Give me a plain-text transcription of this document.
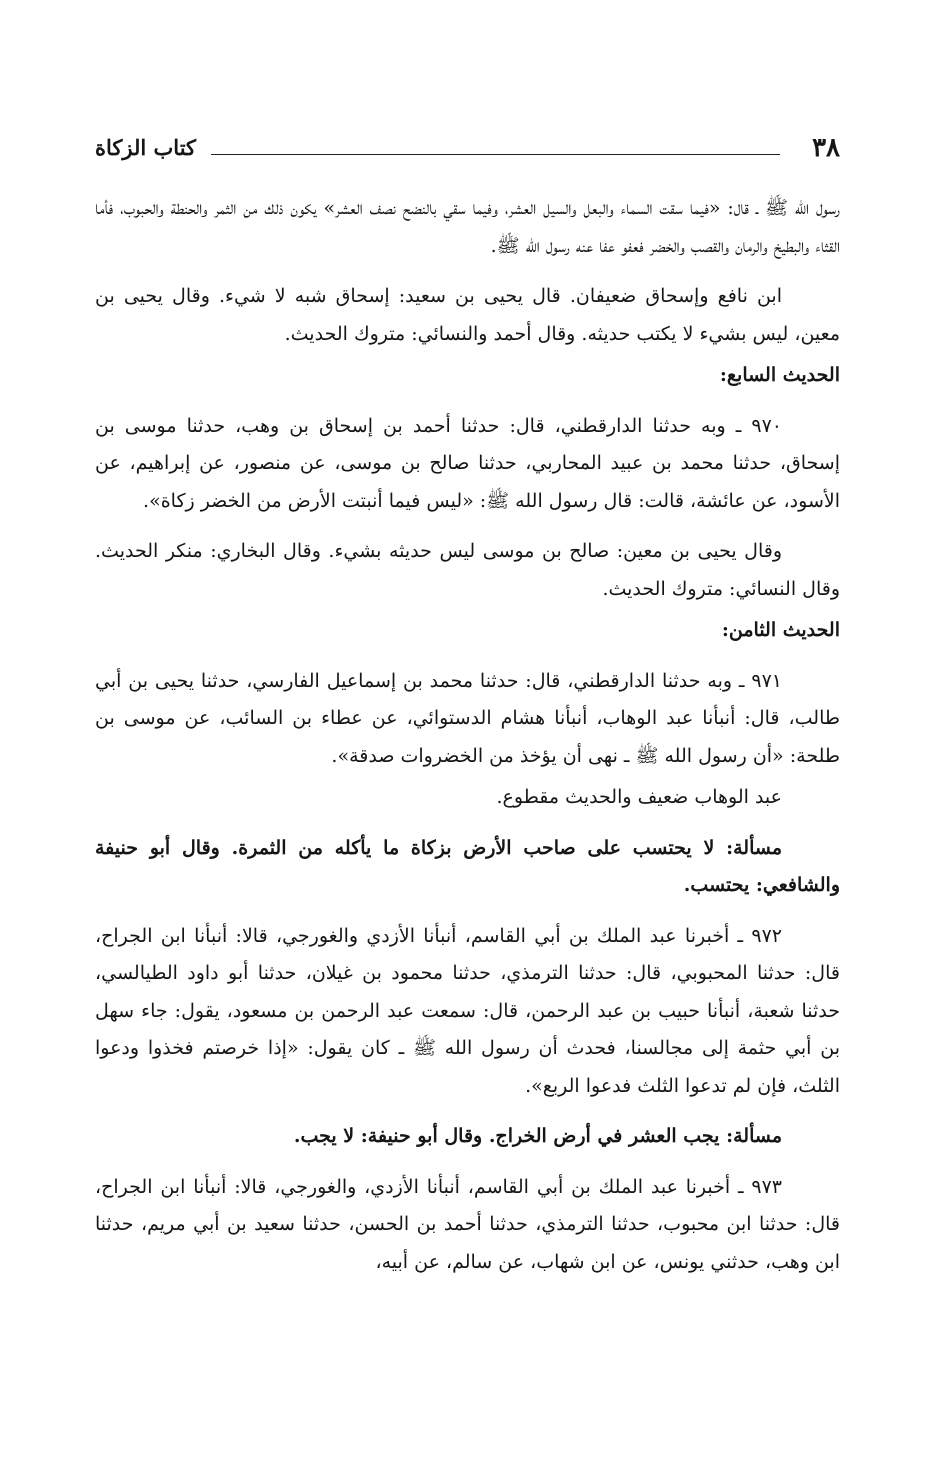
٣٨
كتاب الزكاة

رسول الله ﷺ ـ قال: «فيما سقت السماء والبعل والسيل العشر، وفيما سقي بالنضح نصف العشر» يكون ذلك من الثمر والحنطة والحبوب، فأما القثاء والبطيخ والرمان والقصب والخضر فعفو عفا عنه رسول الله ﷺ.

ابن نافع وإسحاق ضعيفان. قال يحيى بن سعيد: إسحاق شبه لا شيء. وقال يحيى بن معين، ليس بشيء لا يكتب حديثه. وقال أحمد والنسائي: متروك الحديث.

الحديث السابع:

٩٧٠ ـ وبه حدثنا الدارقطني، قال: حدثنا أحمد بن إسحاق بن وهب، حدثنا موسى بن إسحاق، حدثنا محمد بن عبيد المحاربي، حدثنا صالح بن موسى، عن منصور، عن إبراهيم، عن الأسود، عن عائشة، قالت: قال رسول الله ﷺ: «ليس فيما أنبتت الأرض من الخضر زكاة».

وقال يحيى بن معين: صالح بن موسى ليس حديثه بشيء. وقال البخاري: منكر الحديث. وقال النسائي: متروك الحديث.

الحديث الثامن:

٩٧١ ـ وبه حدثنا الدارقطني، قال: حدثنا محمد بن إسماعيل الفارسي، حدثنا يحيى بن أبي طالب، قال: أنبأنا عبد الوهاب، أنبأنا هشام الدستوائي، عن عطاء بن السائب، عن موسى بن طلحة: «أن رسول الله ﷺ ـ نهى أن يؤخذ من الخضروات صدقة».

عبد الوهاب ضعيف والحديث مقطوع.

مسألة: لا يحتسب على صاحب الأرض بزكاة ما يأكله من الثمرة. وقال أبو حنيفة والشافعي: يحتسب.

٩٧٢ ـ أخبرنا عبد الملك بن أبي القاسم، أنبأنا الأزدي والغورجي، قالا: أنبأنا ابن الجراح، قال: حدثنا المحبوبي، قال: حدثنا الترمذي، حدثنا محمود بن غيلان، حدثنا أبو داود الطيالسي، حدثنا شعبة، أنبأنا حبيب بن عبد الرحمن، قال: سمعت عبد الرحمن بن مسعود، يقول: جاء سهل بن أبي حثمة إلى مجالسنا، فحدث أن رسول الله ﷺ ـ كان يقول: «إذا خرصتم فخذوا ودعوا الثلث، فإن لم تدعوا الثلث فدعوا الربع».

مسألة: يجب العشر في أرض الخراج. وقال أبو حنيفة: لا يجب.

٩٧٣ ـ أخبرنا عبد الملك بن أبي القاسم، أنبأنا الأزدي، والغورجي، قالا: أنبأنا ابن الجراح، قال: حدثنا ابن محبوب، حدثنا الترمذي، حدثنا أحمد بن الحسن، حدثنا سعيد بن أبي مريم، حدثنا ابن وهب، حدثني يونس، عن ابن شهاب، عن سالم، عن أبيه،
